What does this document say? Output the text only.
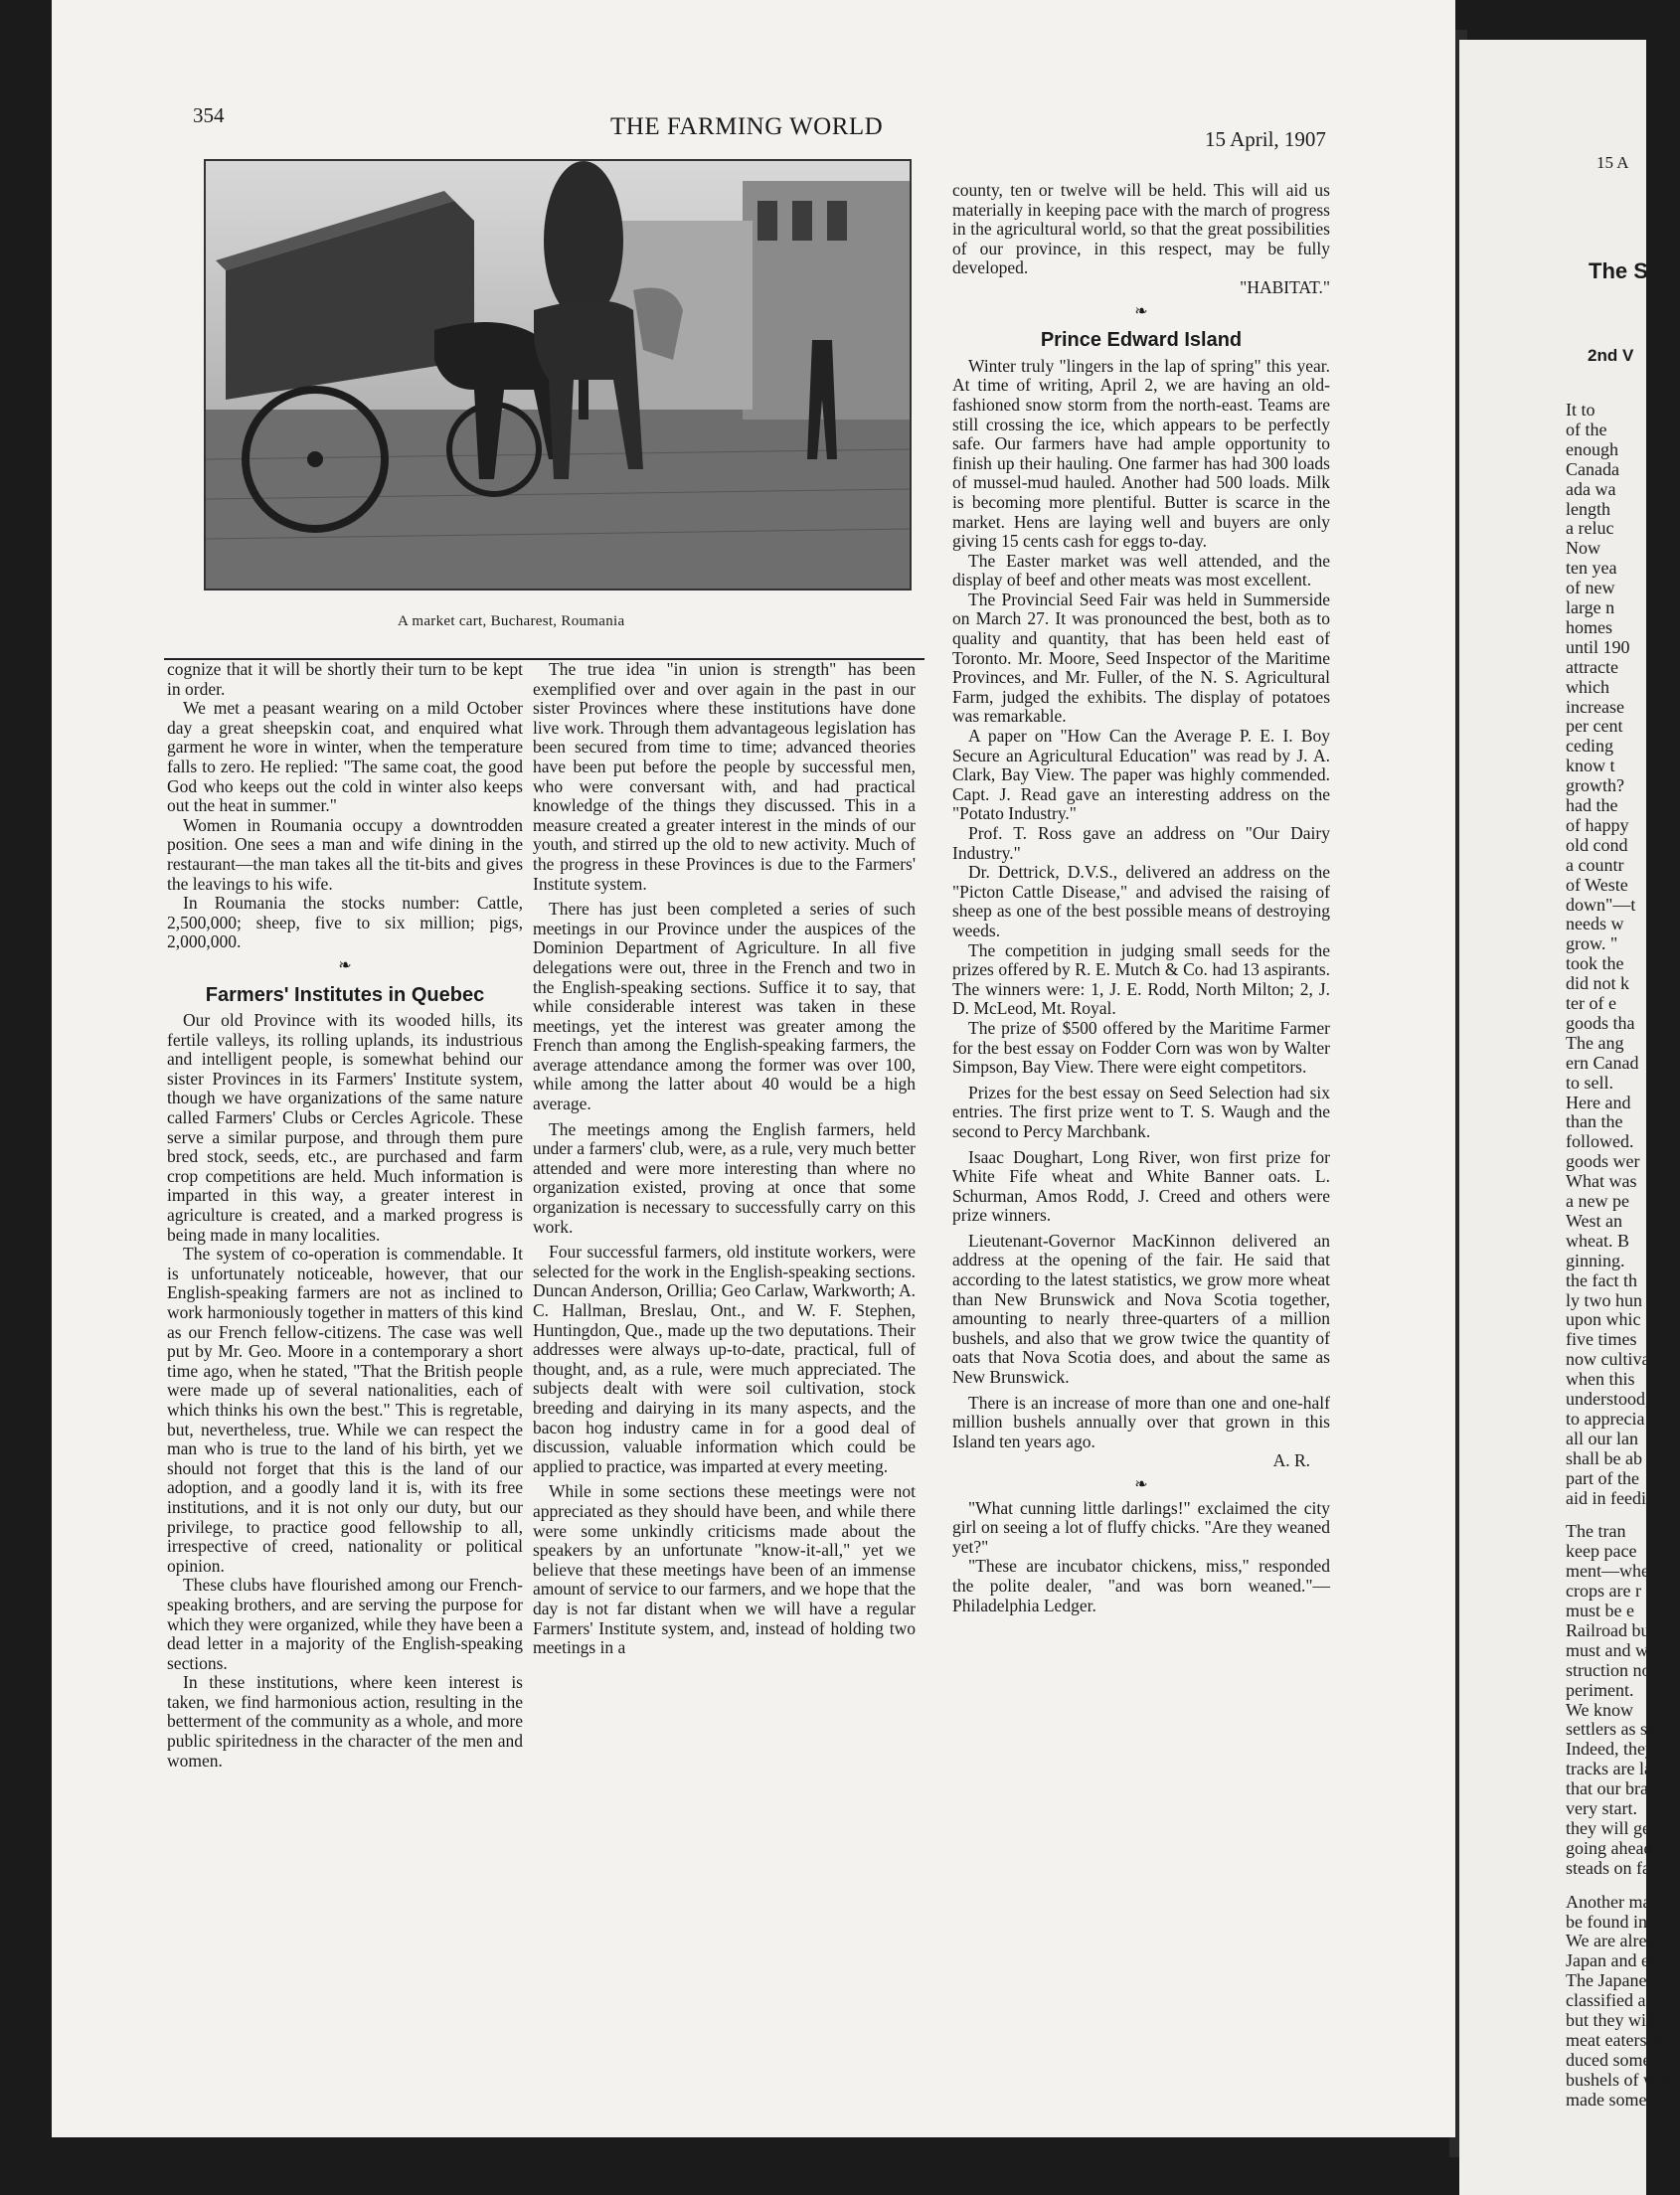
354	THE FARMING WORLD	15 April, 1907
A market cart, Bucharest, Roumania

cognize that it will be shortly their turn to be kept in order.

We met a peasant wearing on a mild October day a great sheepskin coat, and enquired what garment he wore in winter, when the temperature falls to zero. He replied: "The same coat, the good God who keeps out the cold in winter also keeps out the heat in summer."

Women in Roumania occupy a downtrodden position. One sees a man and wife dining in the restaurant—the man takes all the tit-bits and gives the leavings to his wife.

In Roumania the stocks number: Cattle, 2,500,000; sheep, five to six million; pigs, 2,000,000.

❧
Farmers' Institutes in Quebec

Our old Province with its wooded hills, its fertile valleys, its rolling uplands, its industrious and intelligent people, is somewhat behind our sister Provinces in its Farmers' Institute system, though we have organizations of the same nature called Farmers' Clubs or Cercles Agricole. These serve a similar purpose, and through them pure bred stock, seeds, etc., are purchased and farm crop competitions are held. Much information is imparted in this way, a greater interest in agriculture is created, and a marked progress is being made in many localities.

The system of co-operation is commendable. It is unfortunately noticeable, however, that our English-speaking farmers are not as inclined to work harmoniously together in matters of this kind as our French fellow-citizens. The case was well put by Mr. Geo. Moore in a contemporary a short time ago, when he stated, "That the British people were made up of several nationalities, each of which thinks his own the best." This is regretable, but, nevertheless, true. While we can respect the man who is true to the land of his birth, yet we should not forget that this is the land of our adoption, and a goodly land it is, with its free institutions, and it is not only our duty, but our privilege, to practice good fellowship to all, irrespective of creed, nationality or political opinion.

These clubs have flourished among our French-speaking brothers, and are serving the purpose for which they were organized, while they have been a dead letter in a majority of the English-speaking sections.

In these institutions, where keen interest is taken, we find harmonious action, resulting in the betterment of the community as a whole, and more public spiritedness in the character of the men and women.

The true idea "in union is strength" has been exemplified over and over again in the past in our sister Provinces where these institutions have done live work. Through them advantageous legislation has been secured from time to time; advanced theories have been put before the people by successful men, who were conversant with, and had practical knowledge of the things they discussed. This in a measure created a greater interest in the minds of our youth, and stirred up the old to new activity. Much of the progress in these Provinces is due to the Farmers' Institute system.

There has just been completed a series of such meetings in our Province under the auspices of the Dominion Department of Agriculture. In all five delegations were out, three in the French and two in the English-speaking sections. Suffice it to say, that while considerable interest was taken in these meetings, yet the interest was greater among the French than among the English-speaking farmers, the average attendance among the former was over 100, while among the latter about 40 would be a high average.

The meetings among the English farmers, held under a farmers' club, were, as a rule, very much better attended and were more interesting than where no organization existed, proving at once that some organization is necessary to successfully carry on this work.

Four successful farmers, old institute workers, were selected for the work in the English-speaking sections. Duncan Anderson, Orillia; Geo Carlaw, Warkworth; A. C. Hallman, Breslau, Ont., and W. F. Stephen, Huntingdon, Que., made up the two deputations. Their addresses were always up-to-date, practical, full of thought, and, as a rule, were much appreciated. The subjects dealt with were soil cultivation, stock breeding and dairying in its many aspects, and the bacon hog industry came in for a good deal of discussion, valuable information which could be applied to practice, was imparted at every meeting.

While in some sections these meetings were not appreciated as they should have been, and while there were some unkindly criticisms made about the speakers by an unfortunate "know-it-all," yet we believe that these meetings have been of an immense amount of service to our farmers, and we hope that the day is not far distant when we will have a regular Farmers' Institute system, and, instead of holding two meetings in a

county, ten or twelve will be held. This will aid us materially in keeping pace with the march of progress in the agricultural world, so that the great possibilities of our province, in this respect, may be fully developed.

"HABITAT."

❧
Prince Edward Island

Winter truly "lingers in the lap of spring" this year. At time of writing, April 2, we are having an old-fashioned snow storm from the north-east. Teams are still crossing the ice, which appears to be perfectly safe. Our farmers have had ample opportunity to finish up their hauling. One farmer has had 300 loads of mussel-mud hauled. Another had 500 loads. Milk is becoming more plentiful. Butter is scarce in the market. Hens are laying well and buyers are only giving 15 cents cash for eggs to-day.

The Easter market was well attended, and the display of beef and other meats was most excellent.

The Provincial Seed Fair was held in Summerside on March 27. It was pronounced the best, both as to quality and quantity, that has been held east of Toronto. Mr. Moore, Seed Inspector of the Maritime Provinces, and Mr. Fuller, of the N. S. Agricultural Farm, judged the exhibits. The display of potatoes was remarkable.

A paper on "How Can the Average P. E. I. Boy Secure an Agricultural Education" was read by J. A. Clark, Bay View. The paper was highly commended. Capt. J. Read gave an interesting address on the "Potato Industry."

Prof. T. Ross gave an address on "Our Dairy Industry."

Dr. Dettrick, D.V.S., delivered an address on the "Picton Cattle Disease," and advised the raising of sheep as one of the best possible means of destroying weeds.

The competition in judging small seeds for the prizes offered by R. E. Mutch & Co. had 13 aspirants. The winners were: 1, J. E. Rodd, North Milton; 2, J. D. McLeod, Mt. Royal.

The prize of $500 offered by the Maritime Farmer for the best essay on Fodder Corn was won by Walter Simpson, Bay View. There were eight competitors.

Prizes for the best essay on Seed Selection had six entries. The first prize went to T. S. Waugh and the second to Percy Marchbank.

Isaac Doughart, Long River, won first prize for White Fife wheat and White Banner oats. L. Schurman, Amos Rodd, J. Creed and others were prize winners.

Lieutenant-Governor MacKinnon delivered an address at the opening of the fair. He said that according to the latest statistics, we grow more wheat than New Brunswick and Nova Scotia together, amounting to nearly three-quarters of a million bushels, and also that we grow twice the quantity of oats that Nova Scotia does, and about the same as New Brunswick.

There is an increase of more than one and one-half million bushels annually over that grown in this Island ten years ago.

A. R.

❧

"What cunning little darlings!" exclaimed the city girl on seeing a lot of fluffy chicks. "Are they weaned yet?"

"These are incubator chickens, miss," responded the polite dealer, "and was born weaned."—Philadelphia Ledger.

15 A
The S
2nd V
It to
of the
enough
Canada
ada wa
length
a reluc
Now
ten yea
of new
large n
homes
until 190
attracte
which
increase
per cent
ceding
know t
growth?
had the
of happy
old cond
a countr
of Weste
down"—t
needs w
grow. "
took the
did not k
ter of e
goods tha
The ang
ern Canad
to sell.
Here and
than the
followed.
goods wer
What was
a new pe
West an
wheat. B
ginning.
the fact th
ly two hun
upon whic
five times
now cultiva
when this
understood,
to apprecia
all our lan
shall be ab
part of the
aid in feedi
The tran
keep pace
ment—when
crops are r
must be e
Railroad bu
must and wi
struction no
periment.
We know
settlers as so
Indeed, they
tracks are la
that our bra
very start.
they will get
going ahead
steads on fai
Another ma
be found in
We are alrea
Japan and ex
The Japanese
classified as a
but they will b
meat eaters al
duced someth
bushels of whe
made some s
